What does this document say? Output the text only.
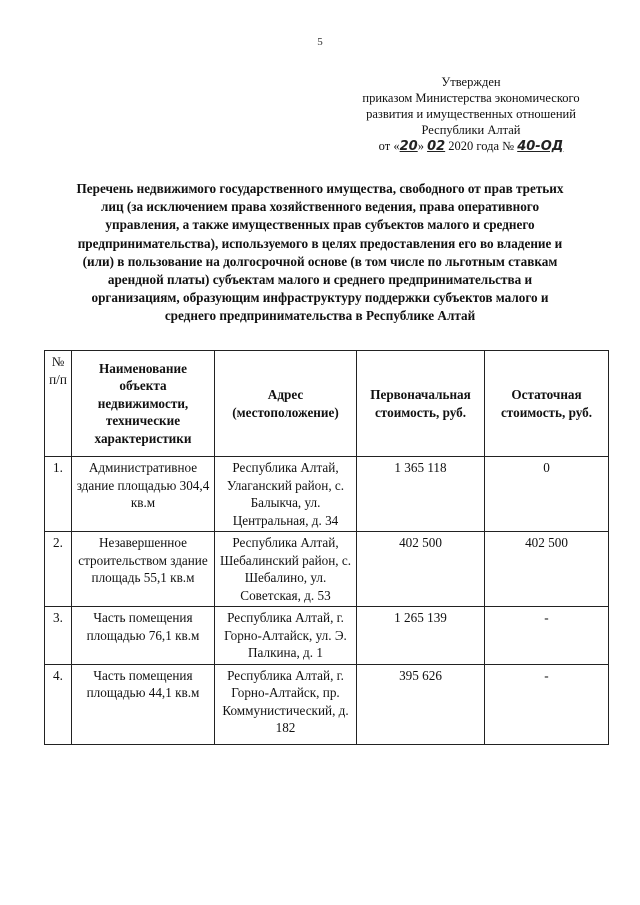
5
Утвержден
приказом Министерства экономического
развития и имущественных отношений
Республики Алтай
от «20» 02 2020 года № 40-ОД
Перечень недвижимого государственного имущества, свободного от прав третьих лиц (за исключением права хозяйственного ведения, права оперативного управления, а также имущественных прав субъектов малого и среднего предпринимательства), используемого в целях предоставления его во владение и (или) в пользование на долгосрочной основе (в том числе по льготным ставкам арендной платы) субъектам малого и среднего предпринимательства и организациям, образующим инфраструктуру поддержки субъектов малого и среднего предпринимательства в Республике Алтай
№ п/п	Наименование объекта недвижимости, технические характеристики	Адрес (местоположение)	Первоначальная стоимость, руб.	Остаточная стоимость, руб.
1.	Административное здание площадью 304,4 кв.м	Республика Алтай, Улаганский район, с. Балыкча, ул. Центральная, д. 34	1 365 118	0
2.	Незавершенное строительством здание площадь 55,1 кв.м	Республика Алтай, Шебалинский район, с. Шебалино, ул. Советская, д. 53	402 500	402 500
3.	Часть помещения площадью 76,1 кв.м	Республика Алтай, г. Горно-Алтайск, ул. Э. Палкина, д. 1	1 265 139	-
4.	Часть помещения площадью 44,1 кв.м	Республика Алтай, г. Горно-Алтайск, пр. Коммунистический, д. 182	395 626	-
